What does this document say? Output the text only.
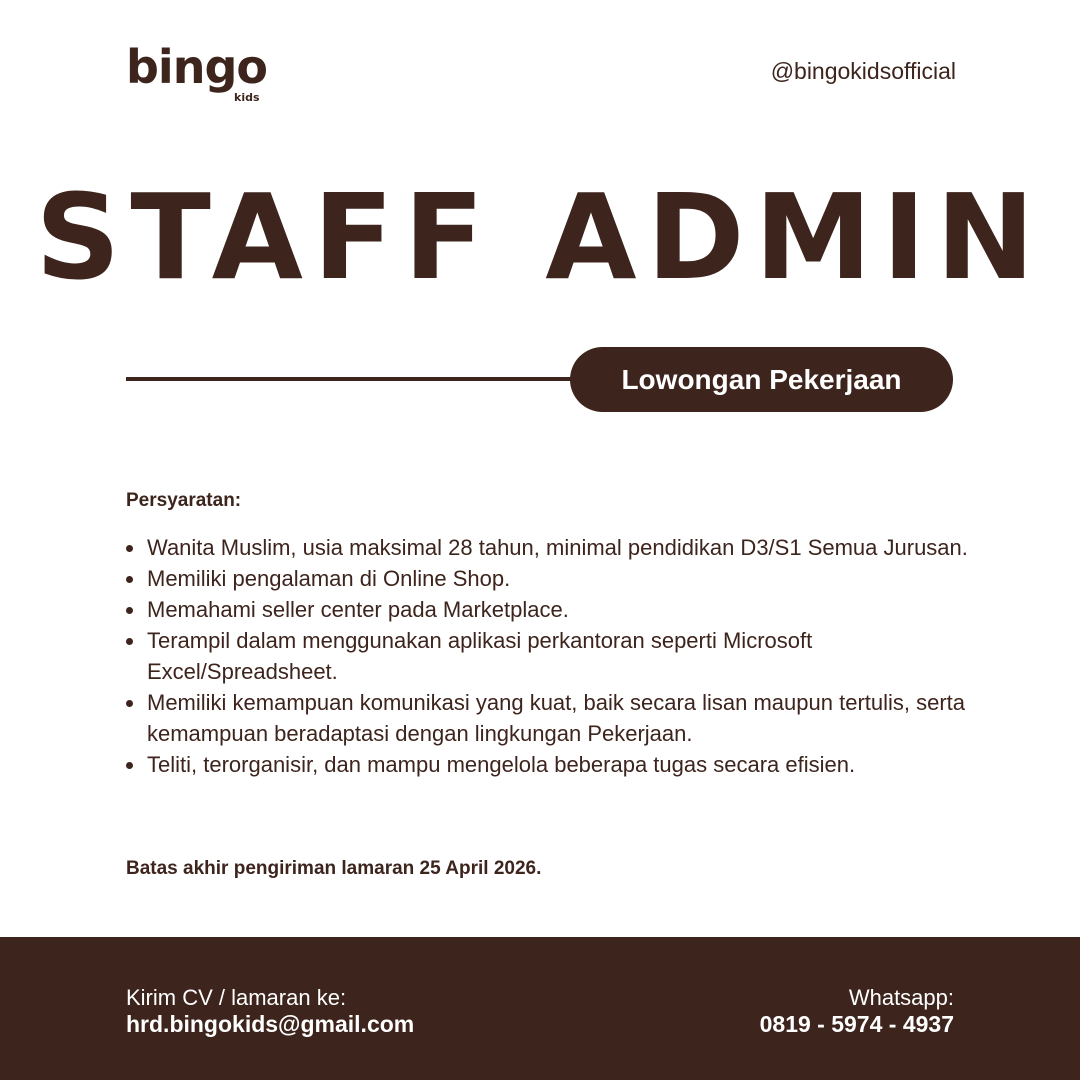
bingo
kids
@bingokidsofficial
STAFF ADMIN
Lowongan Pekerjaan
Persyaratan:
Wanita Muslim, usia maksimal 28 tahun, minimal pendidikan D3/S1 Semua Jurusan.
Memiliki pengalaman di Online Shop.
Memahami seller center pada Marketplace.
Terampil dalam menggunakan aplikasi perkantoran seperti Microsoft Excel/Spreadsheet.
Memiliki kemampuan komunikasi yang kuat, baik secara lisan maupun tertulis, serta kemampuan beradaptasi dengan lingkungan Pekerjaan.
Teliti, terorganisir, dan mampu mengelola beberapa tugas secara efisien.
Batas akhir pengiriman lamaran 25 April 2026.
Kirim CV / lamaran ke:
hrd.bingokids@gmail.com
Whatsapp:
0819 - 5974 - 4937
